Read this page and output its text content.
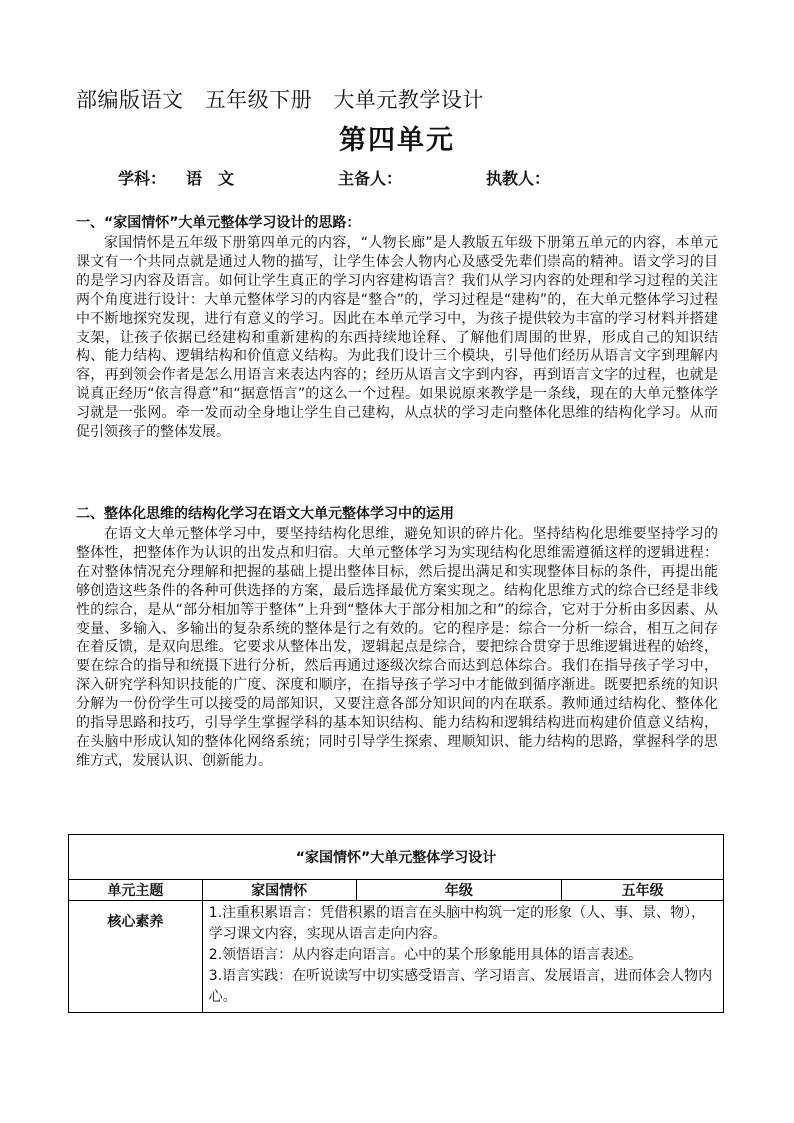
部编版语文 五年级下册 大单元教学设计
第四单元
学科： 语　文	主备人：	执教人：
一、“家国情怀”大单元整体学习设计的思路：

家国情怀是五年级下册第四单元的内容，“人物长廊”是人教版五年级下册第五单元的内容，本单元课文有一个共同点就是通过人物的描写，让学生体会人物内心及感受先辈们崇高的精神。语文学习的目的是学习内容及语言。如何让学生真正的学习内容建构语言？我们从学习内容的处理和学习过程的关注两个角度进行设计：大单元整体学习的内容是“整合”的，学习过程是“建构”的，在大单元整体学习过程中不断地探究发现，进行有意义的学习。因此在本单元学习中，为孩子提供较为丰富的学习材料并搭建支架，让孩子依据已经建构和重新建构的东西持续地诠释、了解他们周围的世界，形成自己的知识结构、能力结构、逻辑结构和价值意义结构。为此我们设计三个模块，引导他们经历从语言文字到理解内容，再到领会作者是怎么用语言来表达内容的；经历从语言文字到内容，再到语言文字的过程，也就是说真正经历“依言得意”和“据意悟言”的这么一个过程。如果说原来教学是一条线，现在的大单元整体学习就是一张网。牵一发而动全身地让学生自己建构，从点状的学习走向整体化思维的结构化学习。从而促引领孩子的整体发展。

二、整体化思维的结构化学习在语文大单元整体学习中的运用

在语文大单元整体学习中，要坚持结构化思维，避免知识的碎片化。坚持结构化思维要坚持学习的整体性，把整体作为认识的出发点和归宿。大单元整体学习为实现结构化思维需遵循这样的逻辑进程：在对整体情况充分理解和把握的基础上提出整体目标，然后提出满足和实现整体目标的条件，再提出能够创造这些条件的各种可供选择的方案，最后选择最优方案实现之。结构化思维方式的综合已经是非线性的综合，是从“部分相加等于整体”上升到“整体大于部分相加之和”的综合，它对于分析由多因素、从变量、多输入、多输出的复杂系统的整体是行之有效的。它的程序是：综合一分析一综合，相互之间存在着反馈，是双向思维。它要求从整体出发，逻辑起点是综合，要把综合贯穿于思维逻辑进程的始终，要在综合的指导和统摄下进行分析，然后再通过逐级次综合而达到总体综合。我们在指导孩子学习中，深入研究学科知识技能的广度、深度和顺序，在指导孩子学习中才能做到循序渐进。既要把系统的知识分解为一份份学生可以接受的局部知识，又要注意各部分知识间的内在联系。教师通过结构化、整体化的指导思路和技巧，引导学生掌握学科的基本知识结构、能力结构和逻辑结构进而构建价值意义结构，在头脑中形成认知的整体化网络系统；同时引导学生探索、理顺知识、能力结构的思路，掌握科学的思维方式，发展认识、创新能力。

“家国情怀”大单元整体学习设计			
单元主题	家国情怀	年级	五年级
核心素养	1.注重积累语言：凭借积累的语言在头脑中构筑一定的形象（人、事、景、物），
学习课文内容，实现从语言走向内容。
2.领悟语言：从内容走向语言。心中的某个形象能用具体的语言表述。
3.语言实践：在听说读写中切实感受语言、学习语言、发展语言，进而体会人物内心。		
